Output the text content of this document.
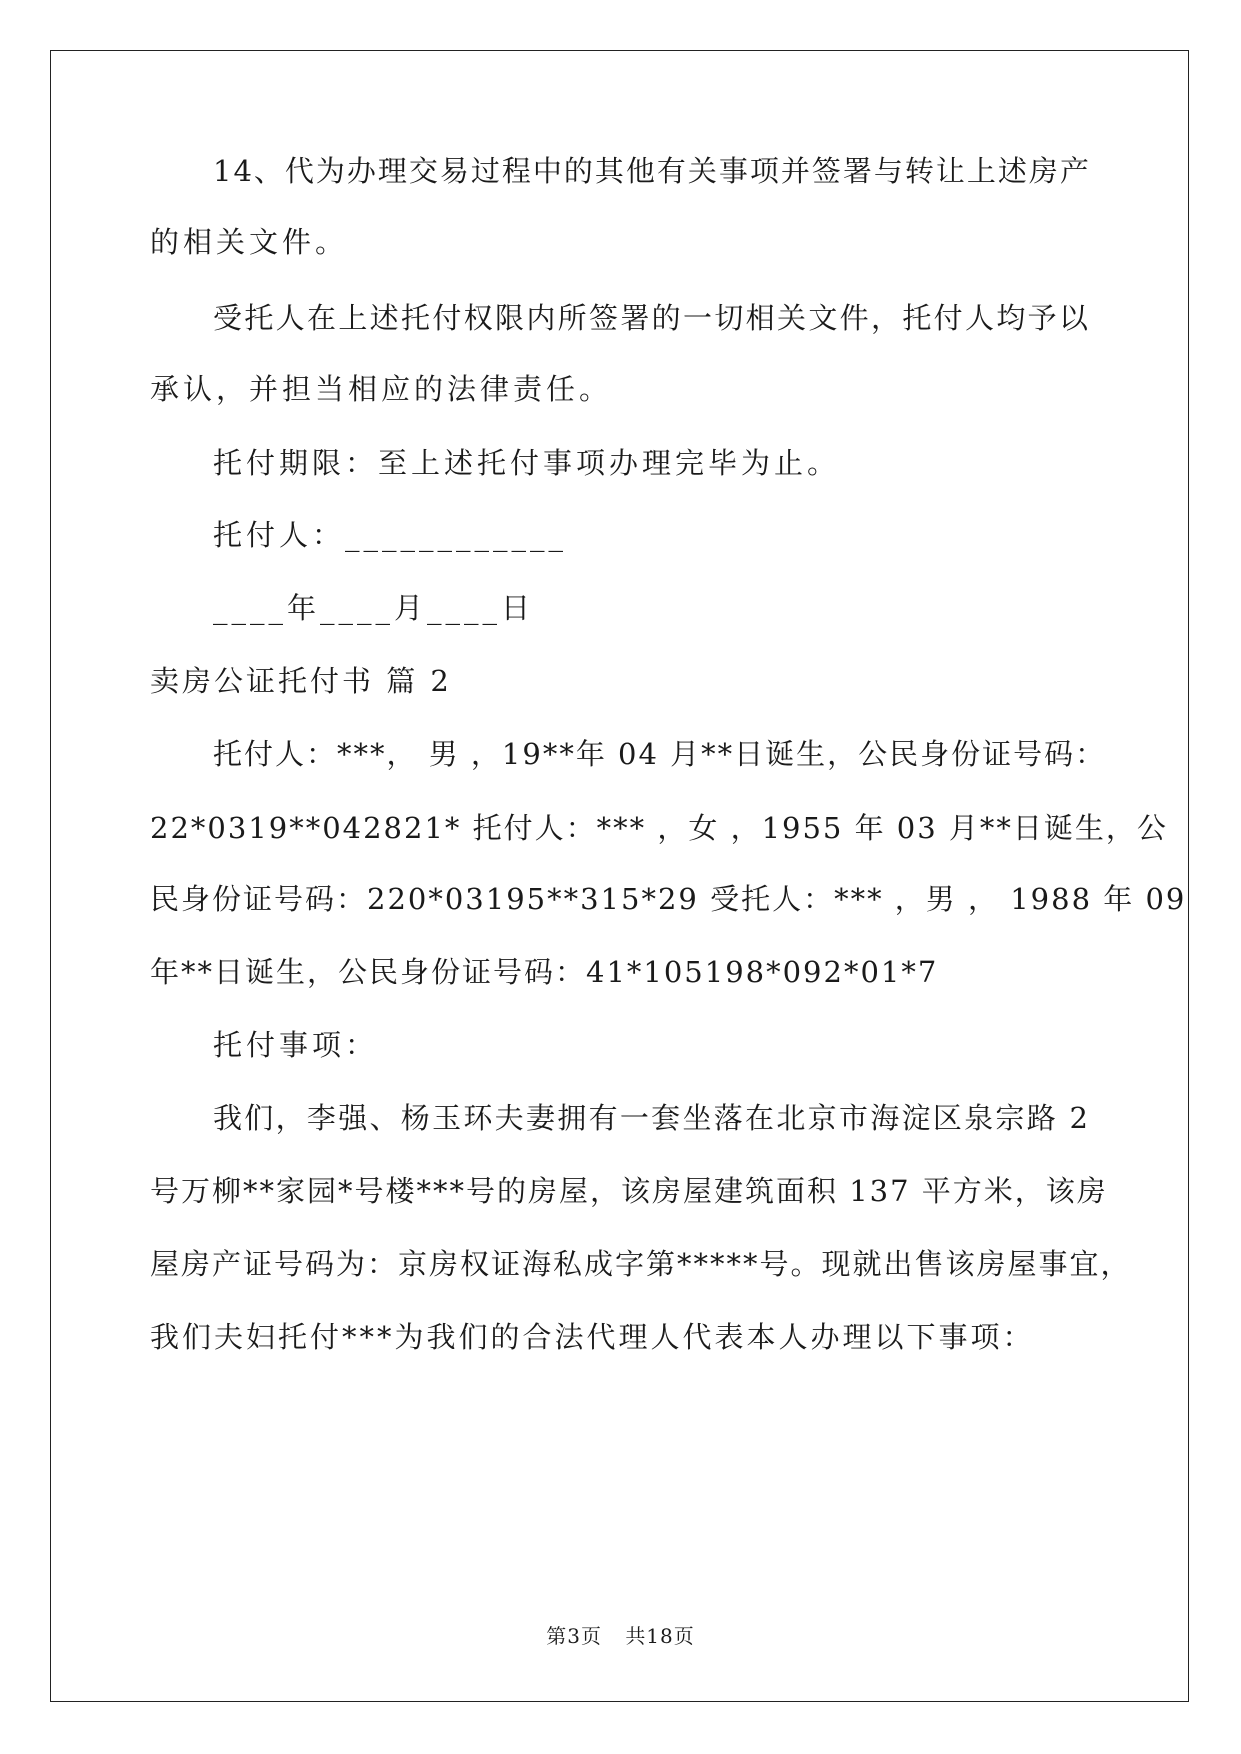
14、代为办理交易过程中的其他有关事项并签署与转让上述房产
的相关文件。
受托人在上述托付权限内所签署的一切相关文件，托付人均予以
承认，并担当相应的法律责任。
托付期限：至上述托付事项办理完毕为止。
托付人：____________
____年____月____日
卖房公证托付书 篇 2
托付人：***， 男 ，19**年 04 月**日诞生，公民身份证号码：
22*0319**042821* 托付人：*** ，女 ，1955 年 03 月**日诞生，公
民身份证号码：220*03195**315*29 受托人：*** ，男 ， 1988 年 09
年**日诞生，公民身份证号码：41*105198*092*01*7
托付事项：
我们，李强、杨玉环夫妻拥有一套坐落在北京市海淀区泉宗路 2
号万柳**家园*号楼***号的房屋，该房屋建筑面积 137 平方米，该房
屋房产证号码为：京房权证海私成字第*****号。现就出售该房屋事宜，
我们夫妇托付***为我们的合法代理人代表本人办理以下事项：
第3页 共18页
